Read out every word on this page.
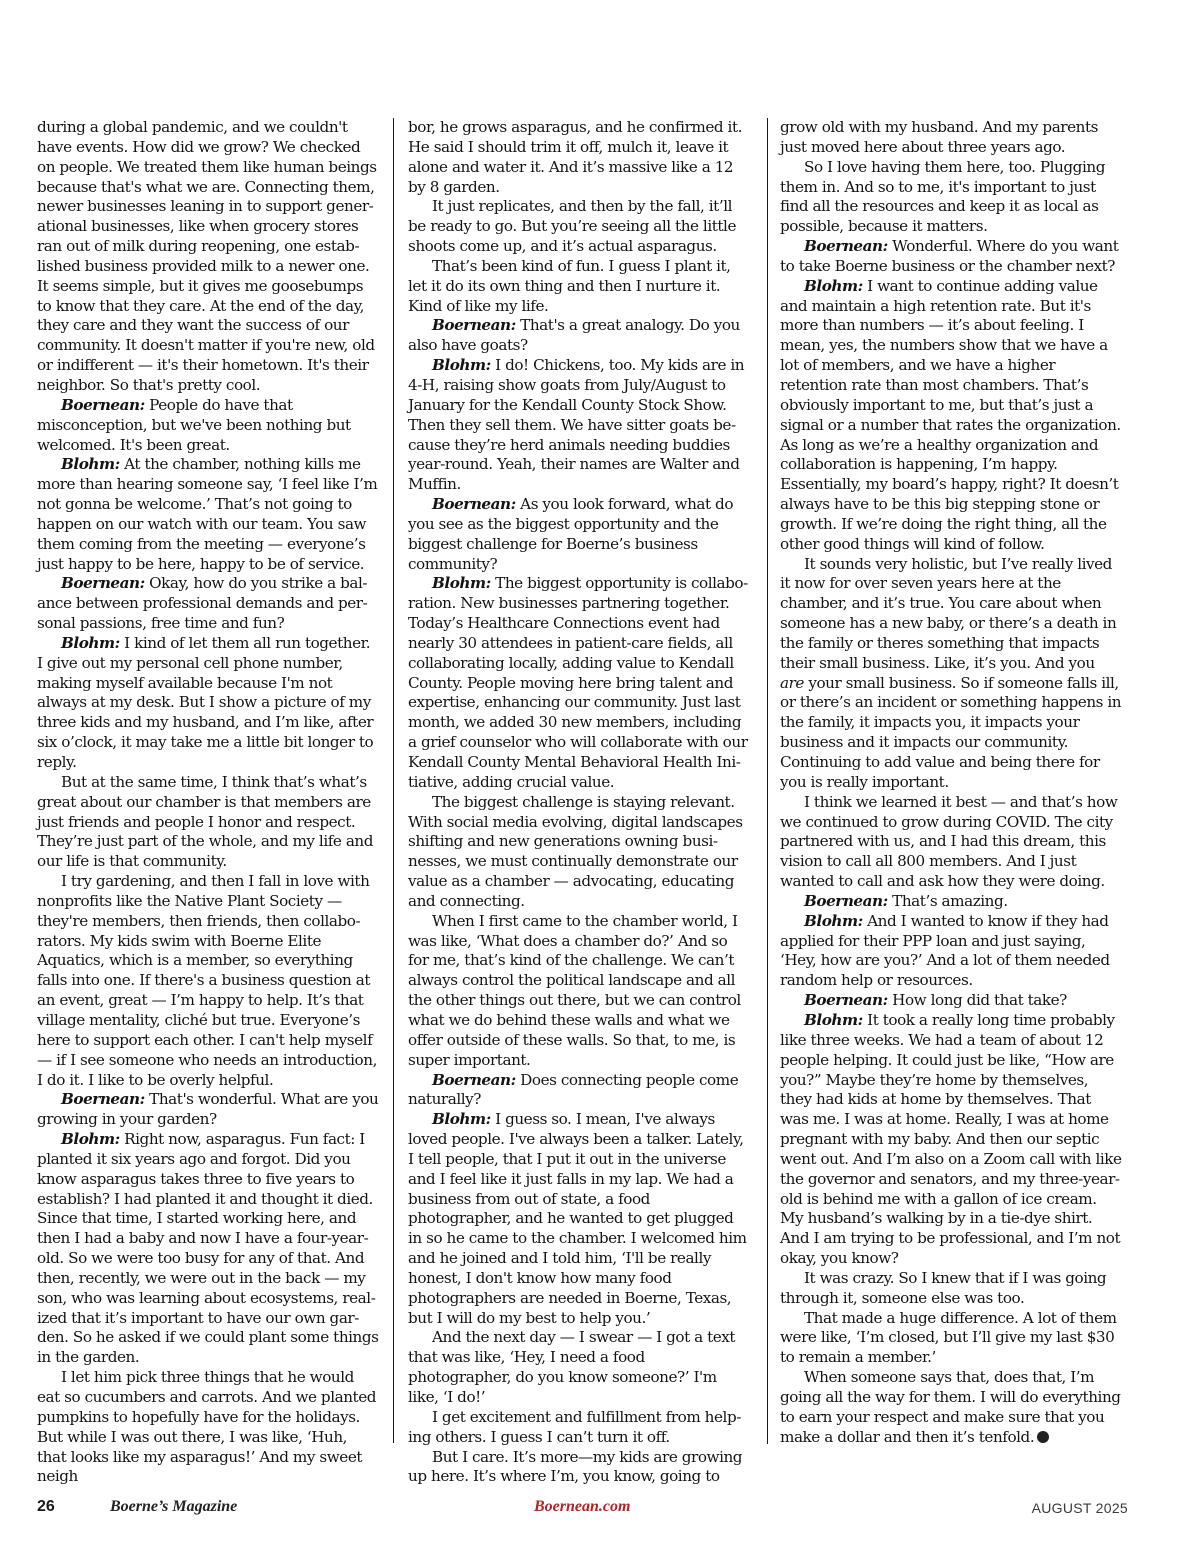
during a global pandemic, and we couldn't have events. How did we grow? We checked on people. We treated them like human beings because that's what we are. Connecting them, newer businesses leaning in to support generational businesses, like when grocery stores ran out of milk during reopening, one established business provided milk to a newer one. It seems simple, but it gives me goosebumps to know that they care. At the end of the day, they care and they want the success of our community. It doesn't matter if you're new, old or indifferent — it's their hometown. It's their neighbor. So that's pretty cool.

Boernean: People do have that misconception, but we've been nothing but welcomed. It's been great.

Blohm: At the chamber, nothing kills me more than hearing someone say, ‘I feel like I’m not gonna be welcome.’ That’s not going to happen on our watch with our team. You saw them coming from the meeting — everyone’s just happy to be here, happy to be of service.

Boernean: Okay, how do you strike a balance between professional demands and personal passions, free time and fun?

Blohm: I kind of let them all run together. I give out my personal cell phone number, making myself available because I'm not always at my desk. But I show a picture of my three kids and my husband, and I’m like, after six o’clock, it may take me a little bit longer to reply.

But at the same time, I think that’s what’s great about our chamber is that members are just friends and people I honor and respect. They’re just part of the whole, and my life and our life is that community.

I try gardening, and then I fall in love with nonprofits like the Native Plant Society — they're members, then friends, then collaborators. My kids swim with Boerne Elite Aquatics, which is a member, so everything falls into one. If there's a business question at an event, great — I’m happy to help. It’s that village mentality, cliché but true. Everyone’s here to support each other. I can't help myself — if I see someone who needs an introduction, I do it. I like to be overly helpful.

Boernean: That's wonderful. What are you growing in your garden?

Blohm: Right now, asparagus. Fun fact: I planted it six years ago and forgot. Did you know asparagus takes three to five years to establish? I had planted it and thought it died. Since that time, I started working here, and then I had a baby and now I have a four-year-old. So we were too busy for any of that. And then, recently, we were out in the back — my son, who was learning about ecosystems, realized that it’s important to have our own garden. So he asked if we could plant some things in the garden.

I let him pick three things that he would eat so cucumbers and carrots. And we planted pumpkins to hopefully have for the holidays. But while I was out there, I was like, ‘Huh, that looks like my asparagus!’ And my sweet neigh

bor, he grows asparagus, and he confirmed it. He said I should trim it off, mulch it, leave it alone and water it. And it’s massive like a 12 by 8 garden.

It just replicates, and then by the fall, it’ll be ready to go. But you’re seeing all the little shoots come up, and it’s actual asparagus.

That’s been kind of fun. I guess I plant it, let it do its own thing and then I nurture it. Kind of like my life.

Boernean: That's a great analogy. Do you also have goats?

Blohm: I do! Chickens, too. My kids are in 4-H, raising show goats from July/August to January for the Kendall County Stock Show. Then they sell them. We have sitter goats because they’re herd animals needing buddies year-round. Yeah, their names are Walter and Muffin.

Boernean: As you look forward, what do you see as the biggest opportunity and the biggest challenge for Boerne’s business community?

Blohm: The biggest opportunity is collaboration. New businesses partnering together. Today’s Healthcare Connections event had nearly 30 attendees in patient-care fields, all collaborating locally, adding value to Kendall County. People moving here bring talent and expertise, enhancing our community. Just last month, we added 30 new members, including a grief counselor who will collaborate with our Kendall County Mental Behavioral Health Initiative, adding crucial value.

The biggest challenge is staying relevant. With social media evolving, digital landscapes shifting and new generations owning businesses, we must continually demonstrate our value as a chamber — advocating, educating and connecting.

When I first came to the chamber world, I was like, ‘What does a chamber do?’ And so for me, that’s kind of the challenge. We can’t always control the political landscape and all the other things out there, but we can control what we do behind these walls and what we offer outside of these walls. So that, to me, is super important.

Boernean: Does connecting people come naturally?

Blohm: I guess so. I mean, I've always loved people. I've always been a talker. Lately, I tell people, that I put it out in the universe and I feel like it just falls in my lap. We had a business from out of state, a food photographer, and he wanted to get plugged in so he came to the chamber. I welcomed him and he joined and I told him, ‘I'll be really honest, I don't know how many food photographers are needed in Boerne, Texas, but I will do my best to help you.’

And the next day — I swear — I got a text that was like, ‘Hey, I need a food photographer, do you know someone?’ I'm like, ‘I do!’

I get excitement and fulfillment from helping others. I guess I can’t turn it off.

But I care. It’s more—my kids are growing up here. It’s where I’m, you know, going to

grow old with my husband. And my parents just moved here about three years ago.

So I love having them here, too. Plugging them in. And so to me, it's important to just find all the resources and keep it as local as possible, because it matters.

Boernean: Wonderful. Where do you want to take Boerne business or the chamber next?

Blohm: I want to continue adding value and maintain a high retention rate. But it's more than numbers — it’s about feeling. I mean, yes, the numbers show that we have a lot of members, and we have a higher retention rate than most chambers. That’s obviously important to me, but that’s just a signal or a number that rates the organization. As long as we’re a healthy organization and collaboration is happening, I’m happy. Essentially, my board’s happy, right? It doesn’t always have to be this big stepping stone or growth. If we’re doing the right thing, all the other good things will kind of follow.

It sounds very holistic, but I’ve really lived it now for over seven years here at the chamber, and it’s true. You care about when someone has a new baby, or there’s a death in the family or theres something that impacts their small business. Like, it’s you. And you are your small business. So if someone falls ill, or there’s an incident or something happens in the family, it impacts you, it impacts your business and it impacts our community. Continuing to add value and being there for you is really important.

I think we learned it best — and that’s how we continued to grow during COVID. The city partnered with us, and I had this dream, this vision to call all 800 members. And I just wanted to call and ask how they were doing.

Boernean: That’s amazing.

Blohm: And I wanted to know if they had applied for their PPP loan and just saying, ‘Hey, how are you?’ And a lot of them needed random help or resources.

Boernean: How long did that take?

Blohm: It took a really long time probably like three weeks. We had a team of about 12 people helping. It could just be like, “How are you?” Maybe they’re home by themselves, they had kids at home by themselves. That was me. I was at home. Really, I was at home pregnant with my baby. And then our septic went out. And I’m also on a Zoom call with like the governor and senators, and my three-year-old is behind me with a gallon of ice cream. My husband’s walking by in a tie-dye shirt. And I am trying to be professional, and I’m not okay, you know?

It was crazy. So I knew that if I was going through it, someone else was too.

That made a huge difference. A lot of them were like, ‘I’m closed, but I’ll give my last $30 to remain a member.’

When someone says that, does that, I’m going all the way for them. I will do everything to earn your respect and make sure that you make a dollar and then it’s tenfold.

26	Boerne’s Magazine	Boernean.com	AUGUST 2025
